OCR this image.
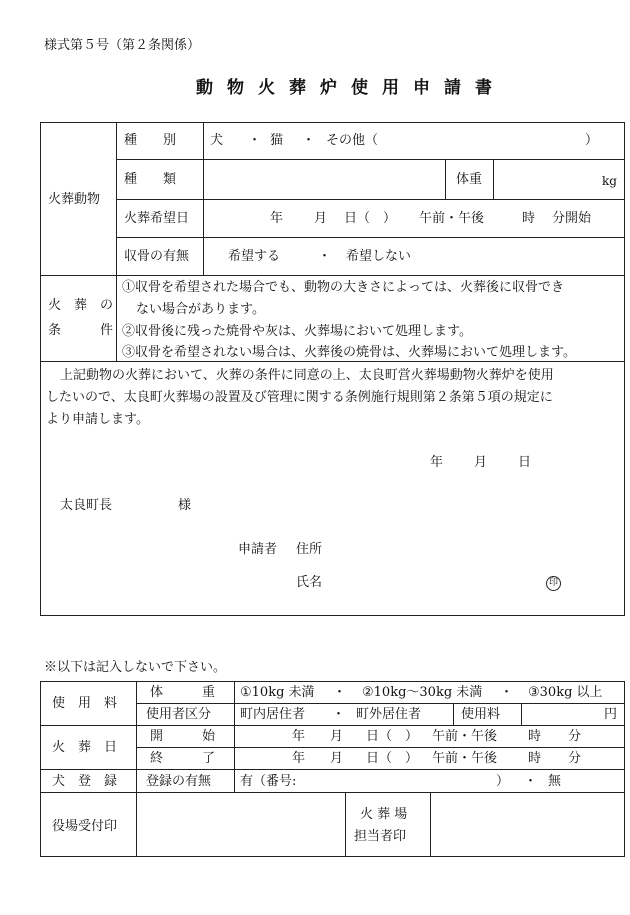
様式第５号（第２条関係）
動物火葬炉使用申請書
火葬動物
種　　別	犬 ・ 猫 ・ その他（	）
種　　類	体重	kg
火葬希望日	年 月 日（　） 午前・午後	時 分開始
収骨の有無	希望する	・ 希望しない
火　葬　の
条　　　件
①収骨を希望された場合でも、動物の大きさによっては、火葬後に収骨でき
ない場合があります。
②収骨後に残った焼骨や灰は、火葬場において処理します。
③収骨を希望されない場合は、火葬後の焼骨は、火葬場において処理します。
上記動物の火葬において、火葬の条件に同意の上、太良町営火葬場動物火葬炉を使用
したいので、太良町火葬場の設置及び管理に関する条例施行規則第２条第５項の規定に
より申請します。
年 月 日
太良町長	様
申請者 住所
氏名	印
※以下は記入しないで下さい。
使　用　料
体　　　重 ①10kg 未満 ・ ②10kg～30kg 未満 ・ ③30kg 以上
使用者区分 町内居住者 ・ 町外居住者	使用料	円
火　葬　日
開　　　始	年 月 日（　） 午前・午後 時 分
終　　　了	年 月 日（　） 午前・午後 時 分
犬　登　録 登録の有無 有（番号:	） ・ 無
役場受付印
火 葬 場
担当者印
